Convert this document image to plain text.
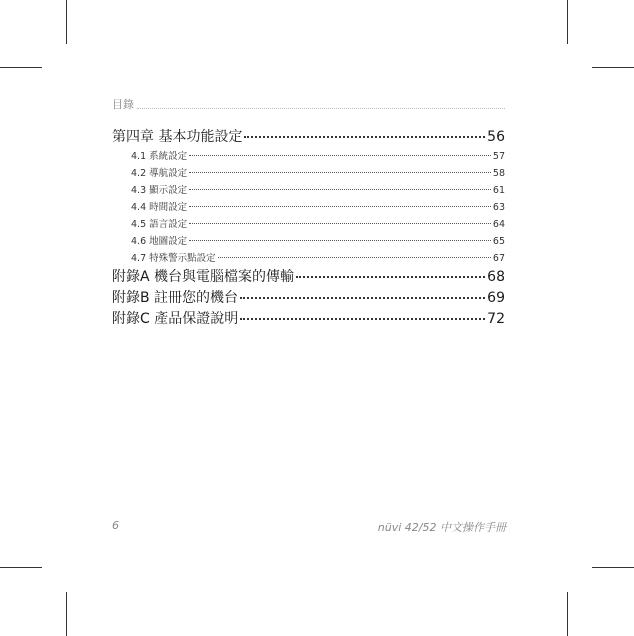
目錄
第四章 基本功能設定	56
4.1 系統設定	57
4.2 導航設定	58
4.3 顯示設定	61
4.4 時間設定	63
4.5 語言設定	64
4.6 地圖設定	65
4.7 特殊警示點設定	67
附錄A 機台與電腦檔案的傳輸	68
附錄B 註冊您的機台	69
附錄C 產品保證說明	72
6	nüvi 42/52 中文操作手冊
